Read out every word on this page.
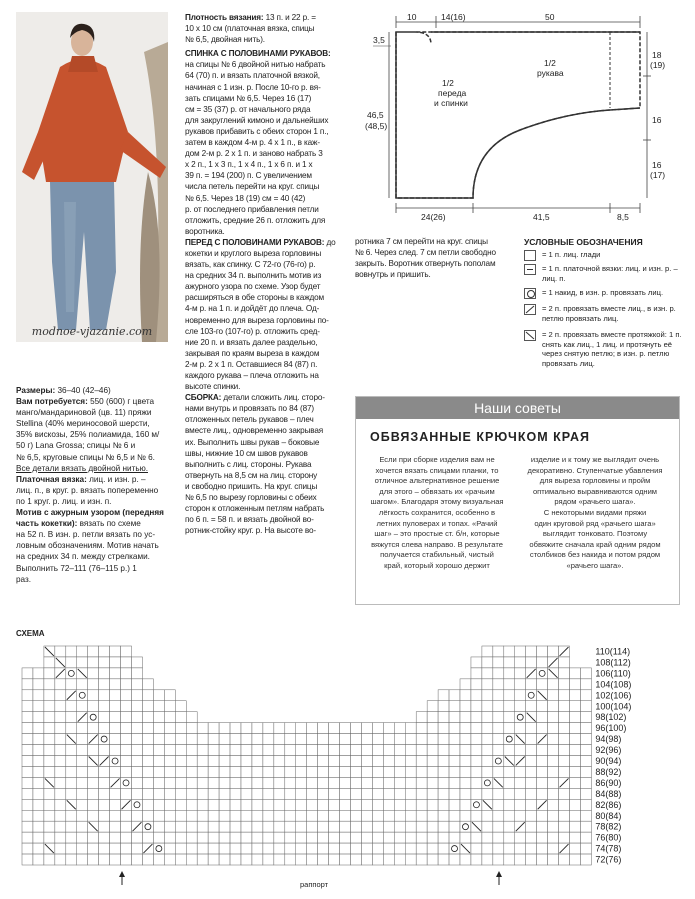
modnoe-vjazanie.com
Размеры: 36–40 (42–46)
Вам потребуется: 550 (600) г цвета
манго/мандариновой (цв. 11) пряжи
Stellina (40% мериносовой шерсти,
35% вискозы, 25% полиамида, 160 м/
50 г) Lana Grossa; спицы № 6 и
№ 6,5, круговые спицы № 6,5 и № 6.
Все детали вязать двойной нитью.
Платочная вязка: лиц. и изн. р. –
лиц. п., в круг. р. вязать попеременно
по 1 круг. р. лиц. и изн. п.
Мотив с ажурным узором (передняя часть кокетки): вязать по схеме
на 52 п. В изн. р. петли вязать по ус-
ловным обозначениям. Мотив начать
на средних 34 п. между стрелками.
Выполнить 72–111 (76–115 р.) 1
раз.
Плотность вязания: 13 п. и 22 р. =
10 х 10 см (платочная вязка, спицы
№ 6,5, двойная нить).
СПИНКА С ПОЛОВИНАМИ РУКАВОВ:
на спицы № 6 двойной нитью набрать
64 (70) п. и вязать платочной вязкой,
начиная с 1 изн. р. После 10-го р. вя-
зать спицами № 6,5. Через 16 (17)
см = 35 (37) р. от начального ряда
для закруглений кимоно и дальнейших
рукавов прибавить с обеих сторон 1 п.,
затем в каждом 4-м р. 4 х 1 п., в каж-
дом 2-м р. 2 х 1 п. и заново набрать 3
х 2 п., 1 х 3 п., 1 х 4 п., 1 х 6 п. и 1 х
39 п. = 194 (200) п. С увеличением
числа петель перейти на круг. спицы
№ 6,5. Через 18 (19) см = 40 (42)
р. от последнего прибавления петли
отложить, средние 26 п. отложить для
воротника.
ПЕРЕД С ПОЛОВИНАМИ РУКАВОВ: до
кокетки и круглого выреза горловины
вязать, как спинку. С 72-го (76-го) р.
на средних 34 п. выполнить мотив из
ажурного узора по схеме. Узор будет
расширяться в обе стороны в каждом
4-м р. на 1 п. и дойдёт до плеча. Од-
новременно для выреза горловины по-
сле 103-го (107-го) р. отложить сред-
ние 20 п. и вязать далее раздельно,
закрывая по краям выреза в каждом
2-м р. 2 х 1 п. Оставшиеся 84 (87) п.
каждого рукава – плеча отложить на
высоте спинки.
СБОРКА: детали сложить лиц. сторо-
нами внутрь и провязать по 84 (87)
отложенных петель рукавов – плеч
вместе лиц., одновременно закрывая
их. Выполнить швы рукав – боковые
швы, нижние 10 см швов рукавов
выполнить с лиц. стороны. Рукава
отвернуть на 8,5 см на лиц. сторону
и свободно пришить. На круг. спицы
№ 6,5 по вырезу горловины с обеих
сторон к отложенным петлям набрать
по 6 п. = 58 п. и вязать двойной во-
ротник-стойку круг. р. На высоте во-
ротника 7 см перейти на круг. спицы
№ 6. Через след. 7 см петли свободно
закрыть. Воротник отвернуть пополам
вовнутрь и пришить.
10	14(16)	50
1/2
переда
и спинки
1/2
рукава
3,5
46,5
(48,5)
18
(19)
16
16
(17)
24(26)	41,5	8,5
УСЛОВНЫЕ ОБОЗНАЧЕНИЯ
= 1 п. лиц. глади
= 1 п. платочной вязки: лиц. и изн. р. – лиц. п.
= 1 накид, в изн. р. провязать лиц.
= 2 п. провязать вместе лиц., в изн. р. петлю провязать лиц.
= 2 п. провязать вместе протяжкой: 1 п. снять как лиц., 1 лиц. и протянуть её через снятую петлю; в изн. р. петлю провязать лиц.
Наши советы
ОБВЯЗАННЫЕ КРЮЧКОМ КРАЯ
Если при сборке изделия вам не
хочется вязать спицами планки, то
отличное альтернативное решение
для этого – обвязать их «рачьим
шагом». Благодаря этому визуальная
лёгкость сохранится, особенно в
летних пуловерах и топах. «Рачий
шаг» – это простые ст. б/н, которые
вяжутся слева направо. В результате
получается стабильный, чистый
край, который хорошо держит
изделие и к тому же выглядит очень
декоративно. Ступенчатые убавления
для выреза горловины и пройм
оптимально выравниваются одним
рядом «рачьего шага».
С некоторыми видами пряжи
один круговой ряд «рачьего шага»
выглядит тонковато. Поэтому
обвяжите сначала край одним рядом
столбиков без накида и потом рядом
«рачьего шага».
СХЕМА
110(114)
108(112)
106(110)
104(108)
102(106)
100(104)
98(102)
96(100)
94(98)
92(96)
90(94)
88(92)
86(90)
84(88)
82(86)
80(84)
78(82)
76(80)
74(78)
72(76)
раппорт
